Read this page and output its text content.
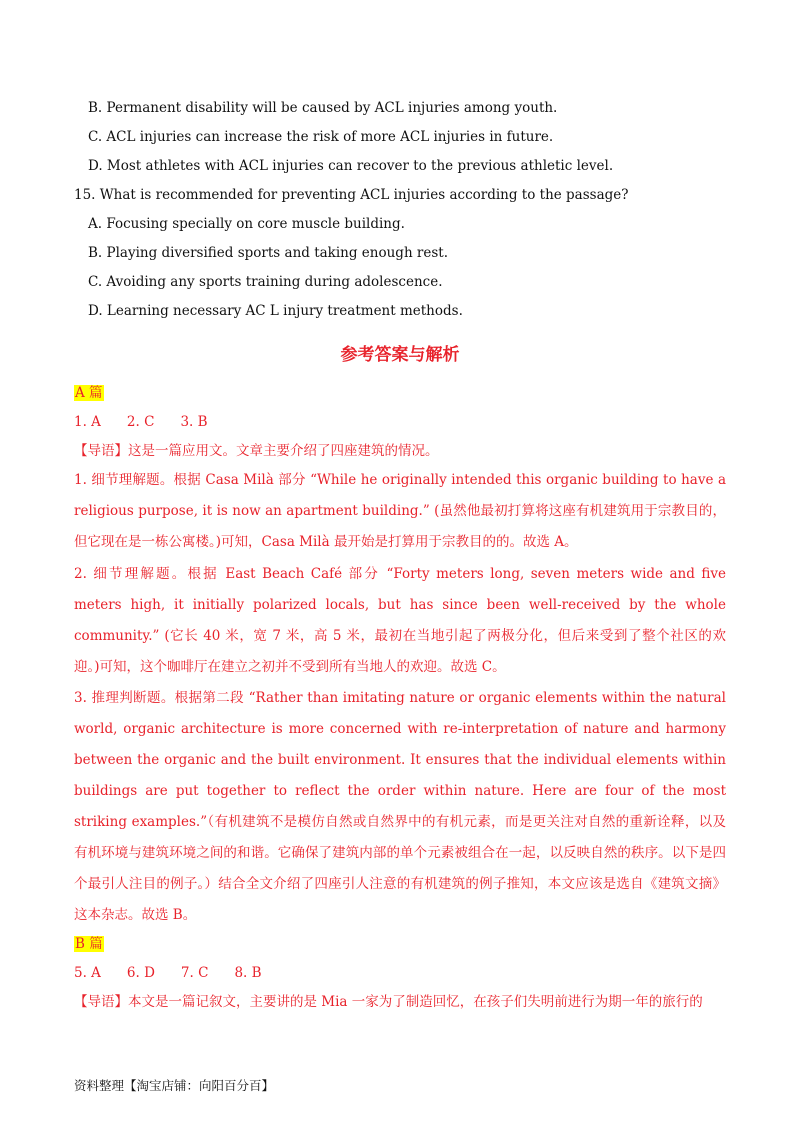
B. Permanent disability will be caused by ACL injuries among youth.
C. ACL injuries can increase the risk of more ACL injuries in future.
D. Most athletes with ACL injuries can recover to the previous athletic level.
15. What is recommended for preventing ACL injuries according to the passage?
A. Focusing specially on core muscle building.
B. Playing diversified sports and taking enough rest.
C. Avoiding any sports training during adolescence.
D. Learning necessary AC L injury treatment methods.
参考答案与解析
A 篇
1. A 2. C 3. B
【导语】这是一篇应用文。文章主要介绍了四座建筑的情况。
1. 细节理解题。根据 Casa Milà 部分 “While he originally intended this organic building to have a religious purpose, it is now an apartment building.” (虽然他最初打算将这座有机建筑用于宗教目的，但它现在是一栋公寓楼。)可知，Casa Milà 最开始是打算用于宗教目的的。故选 A。
2. 细节理解题。根据 East Beach Café 部分 “Forty meters long, seven meters wide and five meters high, it initially polarized locals, but has since been well-received by the whole community.” (它长 40 米，宽 7 米，高 5 米，最初在当地引起了两极分化，但后来受到了整个社区的欢迎。)可知，这个咖啡厅在建立之初并不受到所有当地人的欢迎。故选 C。
3. 推理判断题。根据第二段 “Rather than imitating nature or organic elements within the natural world, organic architecture is more concerned with re-interpretation of nature and harmony between the organic and the built environment. It ensures that the individual elements within buildings are put together to reflect the order within nature. Here are four of the most striking examples.”（有机建筑不是模仿自然或自然界中的有机元素，而是更关注对自然的重新诠释，以及有机环境与建筑环境之间的和谐。它确保了建筑内部的单个元素被组合在一起，以反映自然的秩序。以下是四个最引人注目的例子。）结合全文介绍了四座引人注意的有机建筑的例子推知，本文应该是选自《建筑文摘》这本杂志。故选 B。
B 篇
5. A 6. D 7. C 8. B
【导语】本文是一篇记叙文，主要讲的是 Mia 一家为了制造回忆，在孩子们失明前进行为期一年的旅行的
资料整理【淘宝店铺：向阳百分百】
